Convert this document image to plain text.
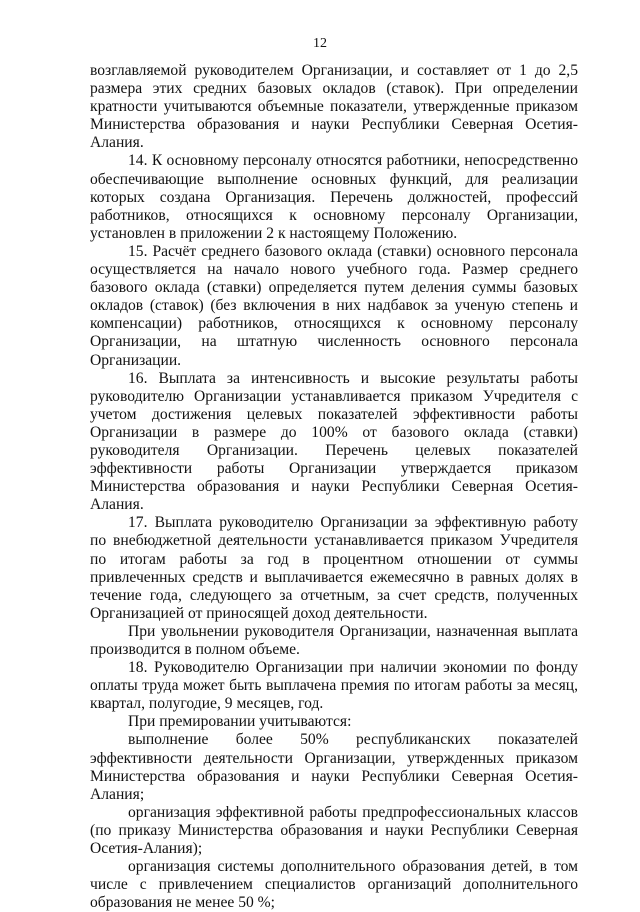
12

возглавляемой руководителем Организации, и составляет от 1 до 2,5 размера этих средних базовых окладов (ставок). При определении кратности учитываются объемные показатели, утвержденные приказом Министерства образования и науки Республики Северная Осетия-Алания.

14. К основному персоналу относятся работники, непосредственно обеспечивающие выполнение основных функций, для реализации которых создана Организация. Перечень должностей, профессий работников, относящихся к основному персоналу Организации, установлен в приложении 2 к настоящему Положению.

15. Расчёт среднего базового оклада (ставки) основного персонала осуществляется на начало нового учебного года. Размер среднего базового оклада (ставки) определяется путем деления суммы базовых окладов (ставок) (без включения в них надбавок за ученую степень и компенсации) работников, относящихся к основному персоналу Организации, на штатную численность основного персонала Организации.

16. Выплата за интенсивность и высокие результаты работы руководителю Организации устанавливается приказом Учредителя с учетом достижения целевых показателей эффективности работы Организации в размере до 100% от базового оклада (ставки) руководителя Организации. Перечень целевых показателей эффективности работы Организации утверждается приказом Министерства образования и науки Республики Северная Осетия-Алания.

17. Выплата руководителю Организации за эффективную работу по внебюджетной деятельности устанавливается приказом Учредителя по итогам работы за год в процентном отношении от суммы привлеченных средств и выплачивается ежемесячно в равных долях в течение года, следующего за отчетным, за счет средств, полученных Организацией от приносящей доход деятельности.

При увольнении руководителя Организации, назначенная выплата производится в полном объеме.

18. Руководителю Организации при наличии экономии по фонду оплаты труда может быть выплачена премия по итогам работы за месяц, квартал, полугодие, 9 месяцев, год.

При премировании учитываются:

выполнение более 50% республиканских показателей эффективности деятельности Организации, утвержденных приказом Министерства образования и науки Республики Северная Осетия-Алания;

организация эффективной работы предпрофессиональных классов (по приказу Министерства образования и науки Республики Северная Осетия-Алания);

организация системы дополнительного образования детей, в том числе с привлечением специалистов организаций дополнительного образования не менее 50 %;
